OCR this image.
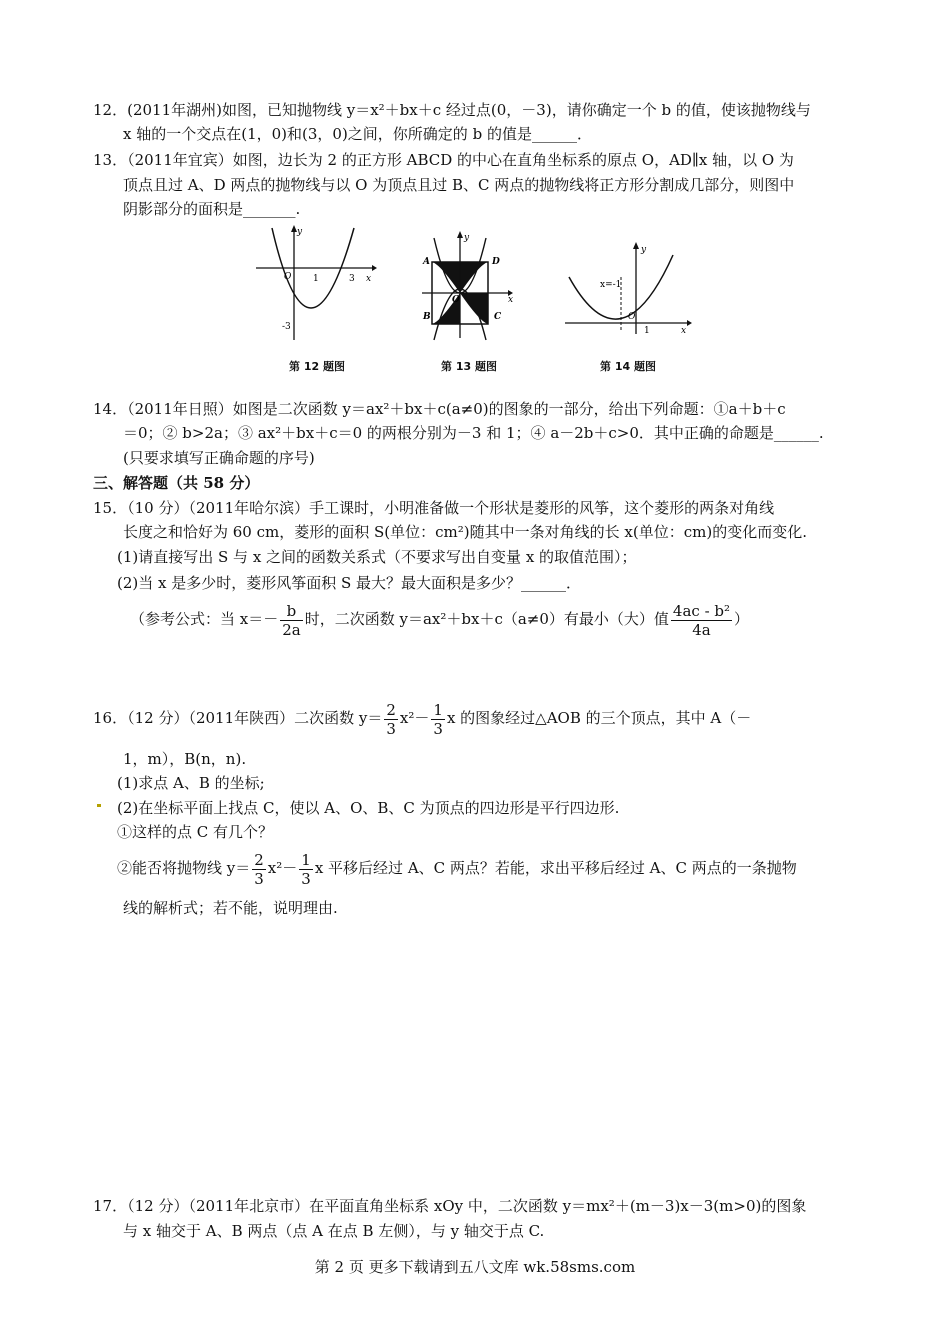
12．(2011年湖州)如图，已知抛物线 y＝x²＋bx＋c 经过点(0，－3)，请你确定一个 b 的值，使该抛物线与
x 轴的一个交点在(1，0)和(3，0)之间，你所确定的 b 的值是______．
13．（2011年宜宾）如图，边长为 2 的正方形 ABCD 的中心在直角坐标系的原点 O，AD∥x 轴，以 O 为
顶点且过 A、D 两点的抛物线与以 O 为顶点且过 B、C 两点的抛物线将正方形分割成几部分，则图中
阴影部分的面积是_______.
y
O 1	3 x
-3
第 12 题图
y
A	D
O	x
B	C
第 13 题图
y
x=-1
O
1	x
第 14 题图
14．（2011年日照）如图是二次函数 y＝ax²＋bx＋c(a≠0)的图象的一部分，给出下列命题：①a＋b＋c
＝0；② b>2a；③ ax²＋bx＋c＝0 的两根分别为－3 和 1；④ a－2b＋c>0．其中正确的命题是______.
(只要求填写正确命题的序号)
三、解答题（共 58 分）
15．（10 分）（2011年哈尔滨）手工课时，小明准备做一个形状是菱形的风筝，这个菱形的两条对角线
长度之和恰好为 60 cm，菱形的面积 S(单位：cm²)随其中一条对角线的长 x(单位：cm)的变化而变化.
(1)请直接写出 S 与 x 之间的函数关系式（不要求写出自变量 x 的取值范围）；
(2)当 x 是多少时，菱形风筝面积 S 最大？最大面积是多少？______．
（参考公式：当 $x=- \frac{b}{2a}$ 时，二次函数 y＝ax²＋bx＋c（a≠0）有最小（大）值 $\frac{\text{4ac - b²}}{4a}$ ）
16．（12 分）（2011年陕西）二次函数 $y= \frac{2}{3} x^2- \frac{1}{3}$ x 的图象经过△AOB 的三个顶点，其中 A（－
1，m），B(n，n).
(1)求点 A、B 的坐标;
(2)在坐标平面上找点 C，使以 A、O、B、C 为顶点的四边形是平行四边形.
①这样的点 C 有几个？
②能否将抛物线 $y= \frac{2}{3} x^2- \frac{1}{3}$ x 平移后经过 A、C 两点？若能，求出平移后经过 A、C 两点的一条抛物
线的解析式；若不能，说明理由.
17．（12 分）（2011年北京市）在平面直角坐标系 xOy 中，二次函数 y＝mx²＋(m－3)x－3(m>0)的图象
与 x 轴交于 A、B 两点（点 A 在点 B 左侧），与 y 轴交于点 C.
第 2 页 更多下载请到五八文库 wk.58sms.com
